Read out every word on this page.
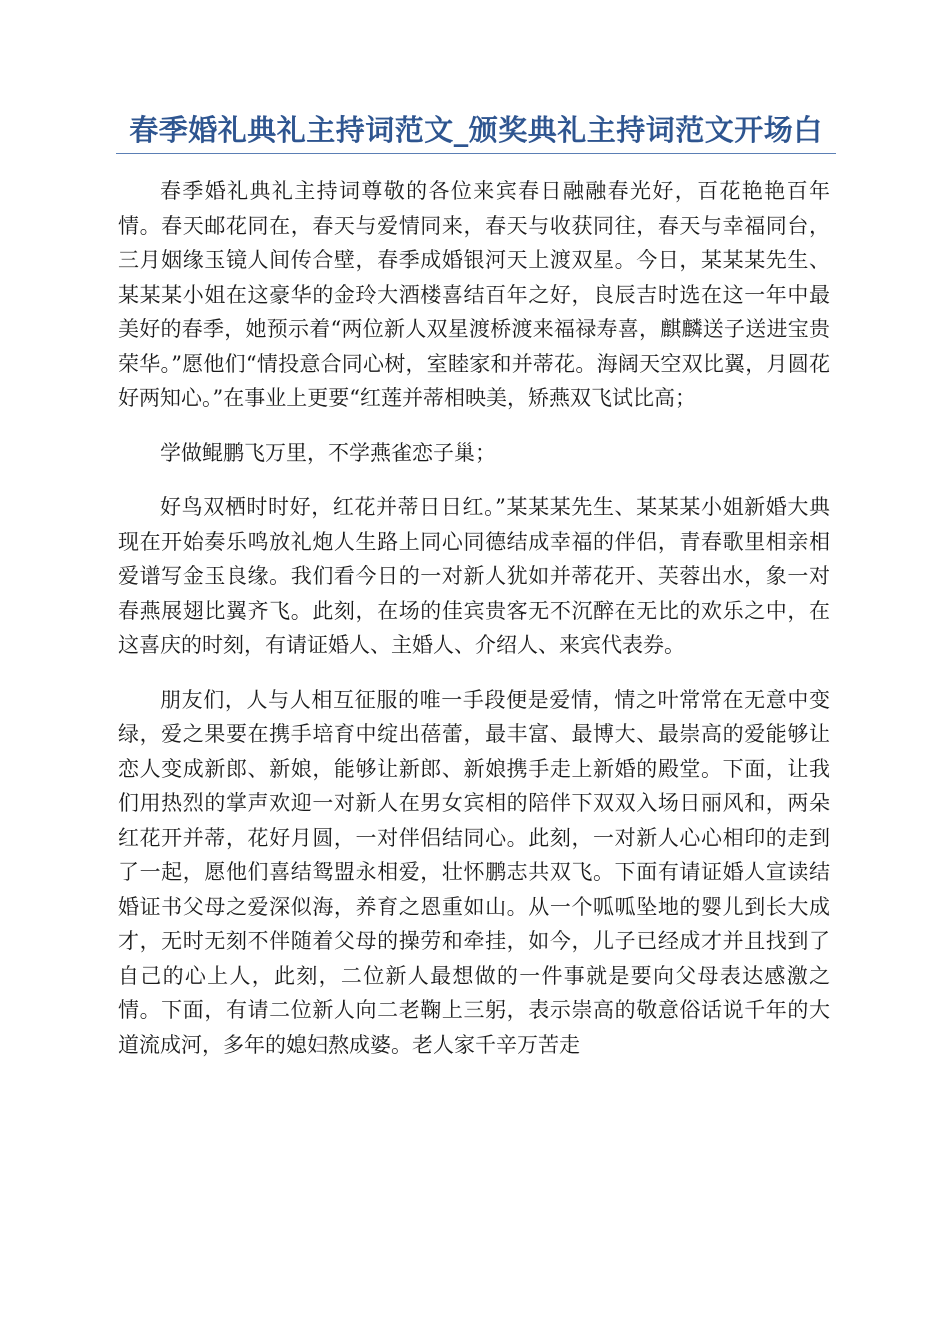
春季婚礼典礼主持词范文_颁奖典礼主持词范文开场白

春季婚礼典礼主持词尊敬的各位来宾春日融融春光好，百花艳艳百年情。春天邮花同在，春天与爱情同来，春天与收获同往，春天与幸福同台，三月姻缘玉镜人间传合壁，春季成婚银河天上渡双星。今日，某某某先生、某某某小姐在这豪华的金玲大酒楼喜结百年之好，良辰吉时选在这一年中最美好的春季，她预示着“两位新人双星渡桥渡来福禄寿喜，麒麟送子送进宝贵荣华。”愿他们“情投意合同心树，室睦家和并蒂花。海阔天空双比翼，月圆花好两知心。”在事业上更要“红莲并蒂相映美，矫燕双飞试比高；

学做鲲鹏飞万里，不学燕雀恋子巢；

好鸟双栖时时好，红花并蒂日日红。”某某某先生、某某某小姐新婚大典现在开始奏乐鸣放礼炮人生路上同心同德结成幸福的伴侣，青春歌里相亲相爱谱写金玉良缘。我们看今日的一对新人犹如并蒂花开、芙蓉出水，象一对春燕展翅比翼齐飞。此刻，在场的佳宾贵客无不沉醉在无比的欢乐之中，在这喜庆的时刻，有请证婚人、主婚人、介绍人、来宾代表券。

朋友们，人与人相互征服的唯一手段便是爱情，情之叶常常在无意中变绿，爱之果要在携手培育中绽出蓓蕾，最丰富、最博大、最崇高的爱能够让恋人变成新郎、新娘，能够让新郎、新娘携手走上新婚的殿堂。下面，让我们用热烈的掌声欢迎一对新人在男女宾相的陪伴下双双入场日丽风和，两朵红花开并蒂，花好月圆，一对伴侣结同心。此刻，一对新人心心相印的走到了一起，愿他们喜结鸳盟永相爱，壮怀鹏志共双飞。下面有请证婚人宣读结婚证书父母之爱深似海，养育之恩重如山。从一个呱呱坠地的婴儿到长大成才，无时无刻不伴随着父母的操劳和牵挂，如今，儿子已经成才并且找到了自己的心上人，此刻，二位新人最想做的一件事就是要向父母表达感激之情。下面，有请二位新人向二老鞠上三躬，表示崇高的敬意俗话说千年的大道流成河，多年的媳妇熬成婆。老人家千辛万苦走
